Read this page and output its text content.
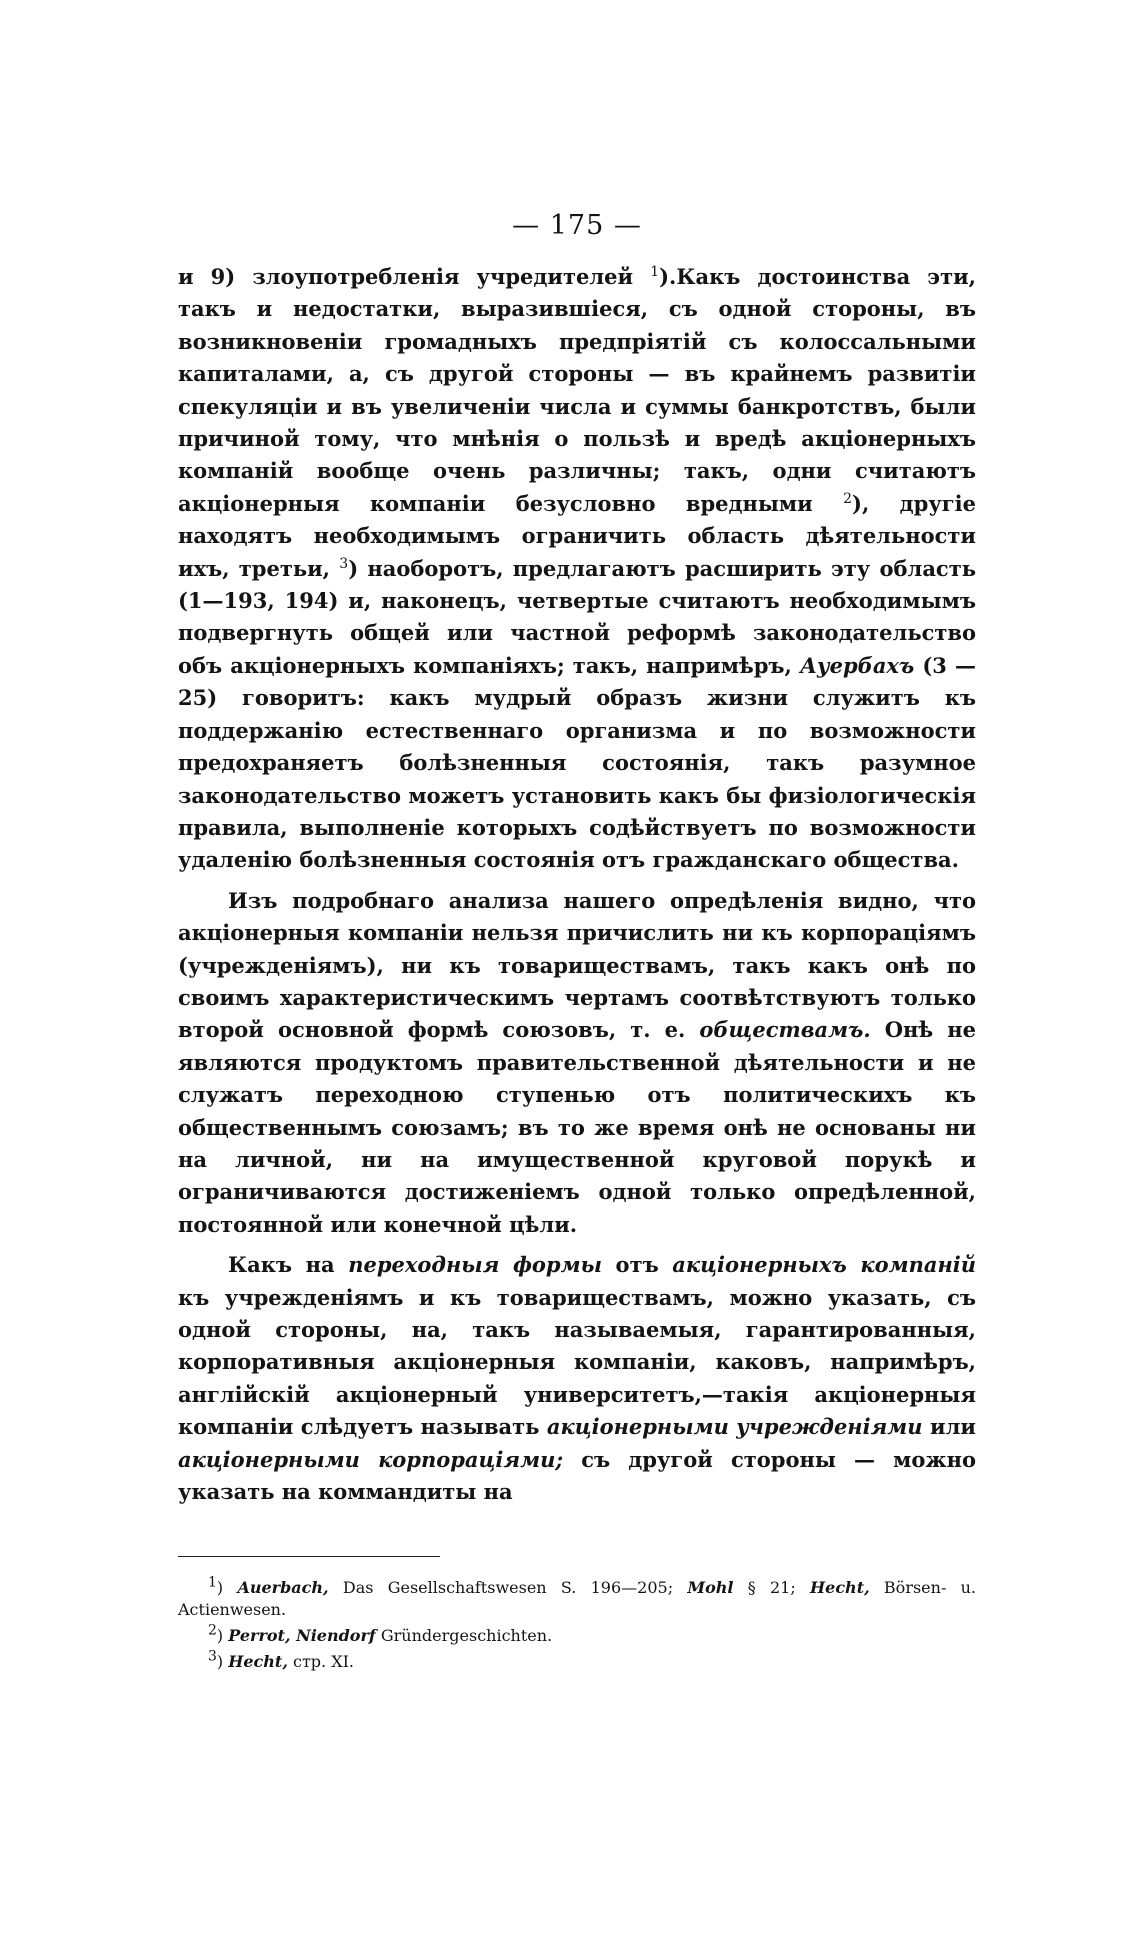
— 175 —

и 9) злоупотребленія учредителей $^1$).Какъ достоинства эти, такъ и недостатки, выразившіеся, съ одной стороны, въ возникновеніи громадныхъ предпріятій съ колоссальными капиталами, а, съ другой стороны — въ крайнемъ развитіи спекуляціи и въ увеличеніи числа и суммы банкротствъ, были причиной тому, что мнѣнія о пользѣ и вредѣ акціонерныхъ компаній вообще очень различны; такъ, одни считаютъ акціонерныя компаніи безусловно вредными $^2$), другіе находятъ необходимымъ ограничить область дѣятельности ихъ, третьи, $^3$) наоборотъ, предлагаютъ расширить эту область (1—193, 194) и, наконецъ, четвертые считаютъ необходимымъ подвергнуть общей или частной реформѣ законодательство объ акціонерныхъ компаніяхъ; такъ, напримѣръ, Ауербахъ (3 — 25) говоритъ: какъ мудрый образъ жизни служитъ къ поддержанію естественнаго организма и по возможности предохраняетъ болѣзненныя состоянія, такъ разумное законодательство можетъ установить какъ бы физіологическія правила, выполненіе которыхъ содѣйствуетъ по возможности удаленію болѣзненныя состоянія отъ гражданскаго общества.

Изъ подробнаго анализа нашего опредѣленія видно, что акціонерныя компаніи нельзя причислить ни къ корпораціямъ (учрежденіямъ), ни къ товариществамъ, такъ какъ онѣ по своимъ характеристическимъ чертамъ соотвѣтствуютъ только второй основной формѣ союзовъ, т. е. обществамъ. Онѣ не являются продуктомъ правительственной дѣятельности и не служатъ переходною ступенью отъ политическихъ къ общественнымъ союзамъ; въ то же время онѣ не основаны ни на личной, ни на имущественной круговой порукѣ и ограничиваются достиженіемъ одной только опредѣленной, постоянной или конечной цѣли.

Какъ на переходныя формы отъ акціонерныхъ компаній къ учрежденіямъ и къ товариществамъ, можно указать, съ одной стороны, на, такъ называемыя, гарантированныя, корпоративныя акціонерныя компаніи, каковъ, напримѣръ, англійскій акціонерный университетъ,—такія акціонерныя компаніи слѣдуетъ называть акціонерными учрежденіями или акціонерными корпораціями; съ другой стороны — можно указать на коммандиты на

$^1$) Auerbach, Das Gesellschaftswesen S. 196—205; Mohl § 21; Hecht, Börsen- u. Actienwesen.

$^2$) Perrot, Niendorf Gründergeschichten.

$^3$) Hecht, стр. XI.
